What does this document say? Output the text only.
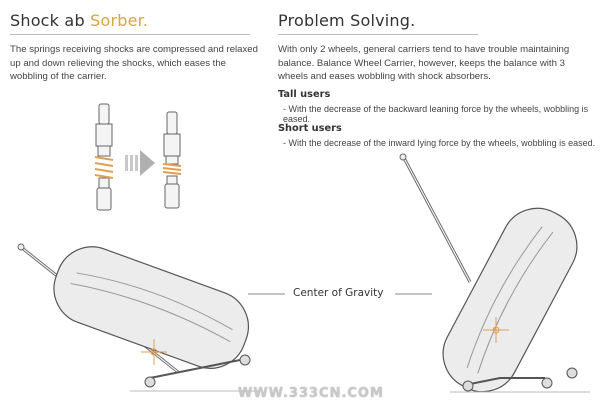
Shock ab Sorber.
The springs receiving shocks are compressed and relaxed
up and down relieving the shocks, which eases the
wobbling of the carrier.
Problem Solving.
With only 2 wheels, general carriers tend to have trouble maintaining
balance. Balance Wheel Carrier, however, keeps the balance with 3
wheels and eases wobbling with shock absorbers.
Tall users
- With the decrease of the backward leaning force by the wheels, wobbling is eased.
Short users
- With the decrease of the inward lying force by the wheels, wobbling is eased.
Center of Gravity
WWW.333CN.COM
